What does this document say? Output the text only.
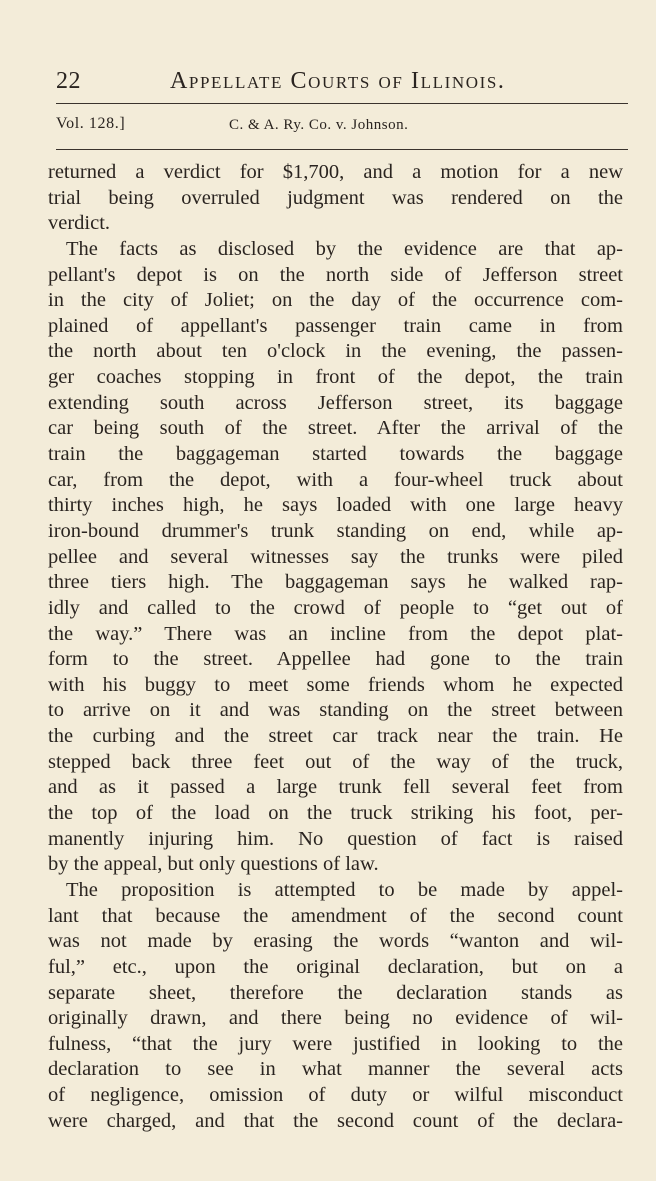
22	Appellate Courts of Illinois.
Vol. 128.]	C. & A. Ry. Co. v. Johnson.
returned a verdict for $1,700, and a motion for a new
trial being overruled judgment was rendered on the
verdict.
The facts as disclosed by the evidence are that ap-
pellant's depot is on the north side of Jefferson street
in the city of Joliet; on the day of the occurrence com-
plained of appellant's passenger train came in from
the north about ten o'clock in the evening, the passen-
ger coaches stopping in front of the depot, the train
extending south across Jefferson street, its baggage
car being south of the street. After the arrival of the
train the baggageman started towards the baggage
car, from the depot, with a four-wheel truck about
thirty inches high, he says loaded with one large heavy
iron-bound drummer's trunk standing on end, while ap-
pellee and several witnesses say the trunks were piled
three tiers high. The baggageman says he walked rap-
idly and called to the crowd of people to “get out of
the way.” There was an incline from the depot plat-
form to the street. Appellee had gone to the train
with his buggy to meet some friends whom he expected
to arrive on it and was standing on the street between
the curbing and the street car track near the train. He
stepped back three feet out of the way of the truck,
and as it passed a large trunk fell several feet from
the top of the load on the truck striking his foot, per-
manently injuring him. No question of fact is raised
by the appeal, but only questions of law.
The proposition is attempted to be made by appel-
lant that because the amendment of the second count
was not made by erasing the words “wanton and wil-
ful,” etc., upon the original declaration, but on a
separate sheet, therefore the declaration stands as
originally drawn, and there being no evidence of wil-
fulness, “that the jury were justified in looking to the
declaration to see in what manner the several acts
of negligence, omission of duty or wilful misconduct
were charged, and that the second count of the declara-
